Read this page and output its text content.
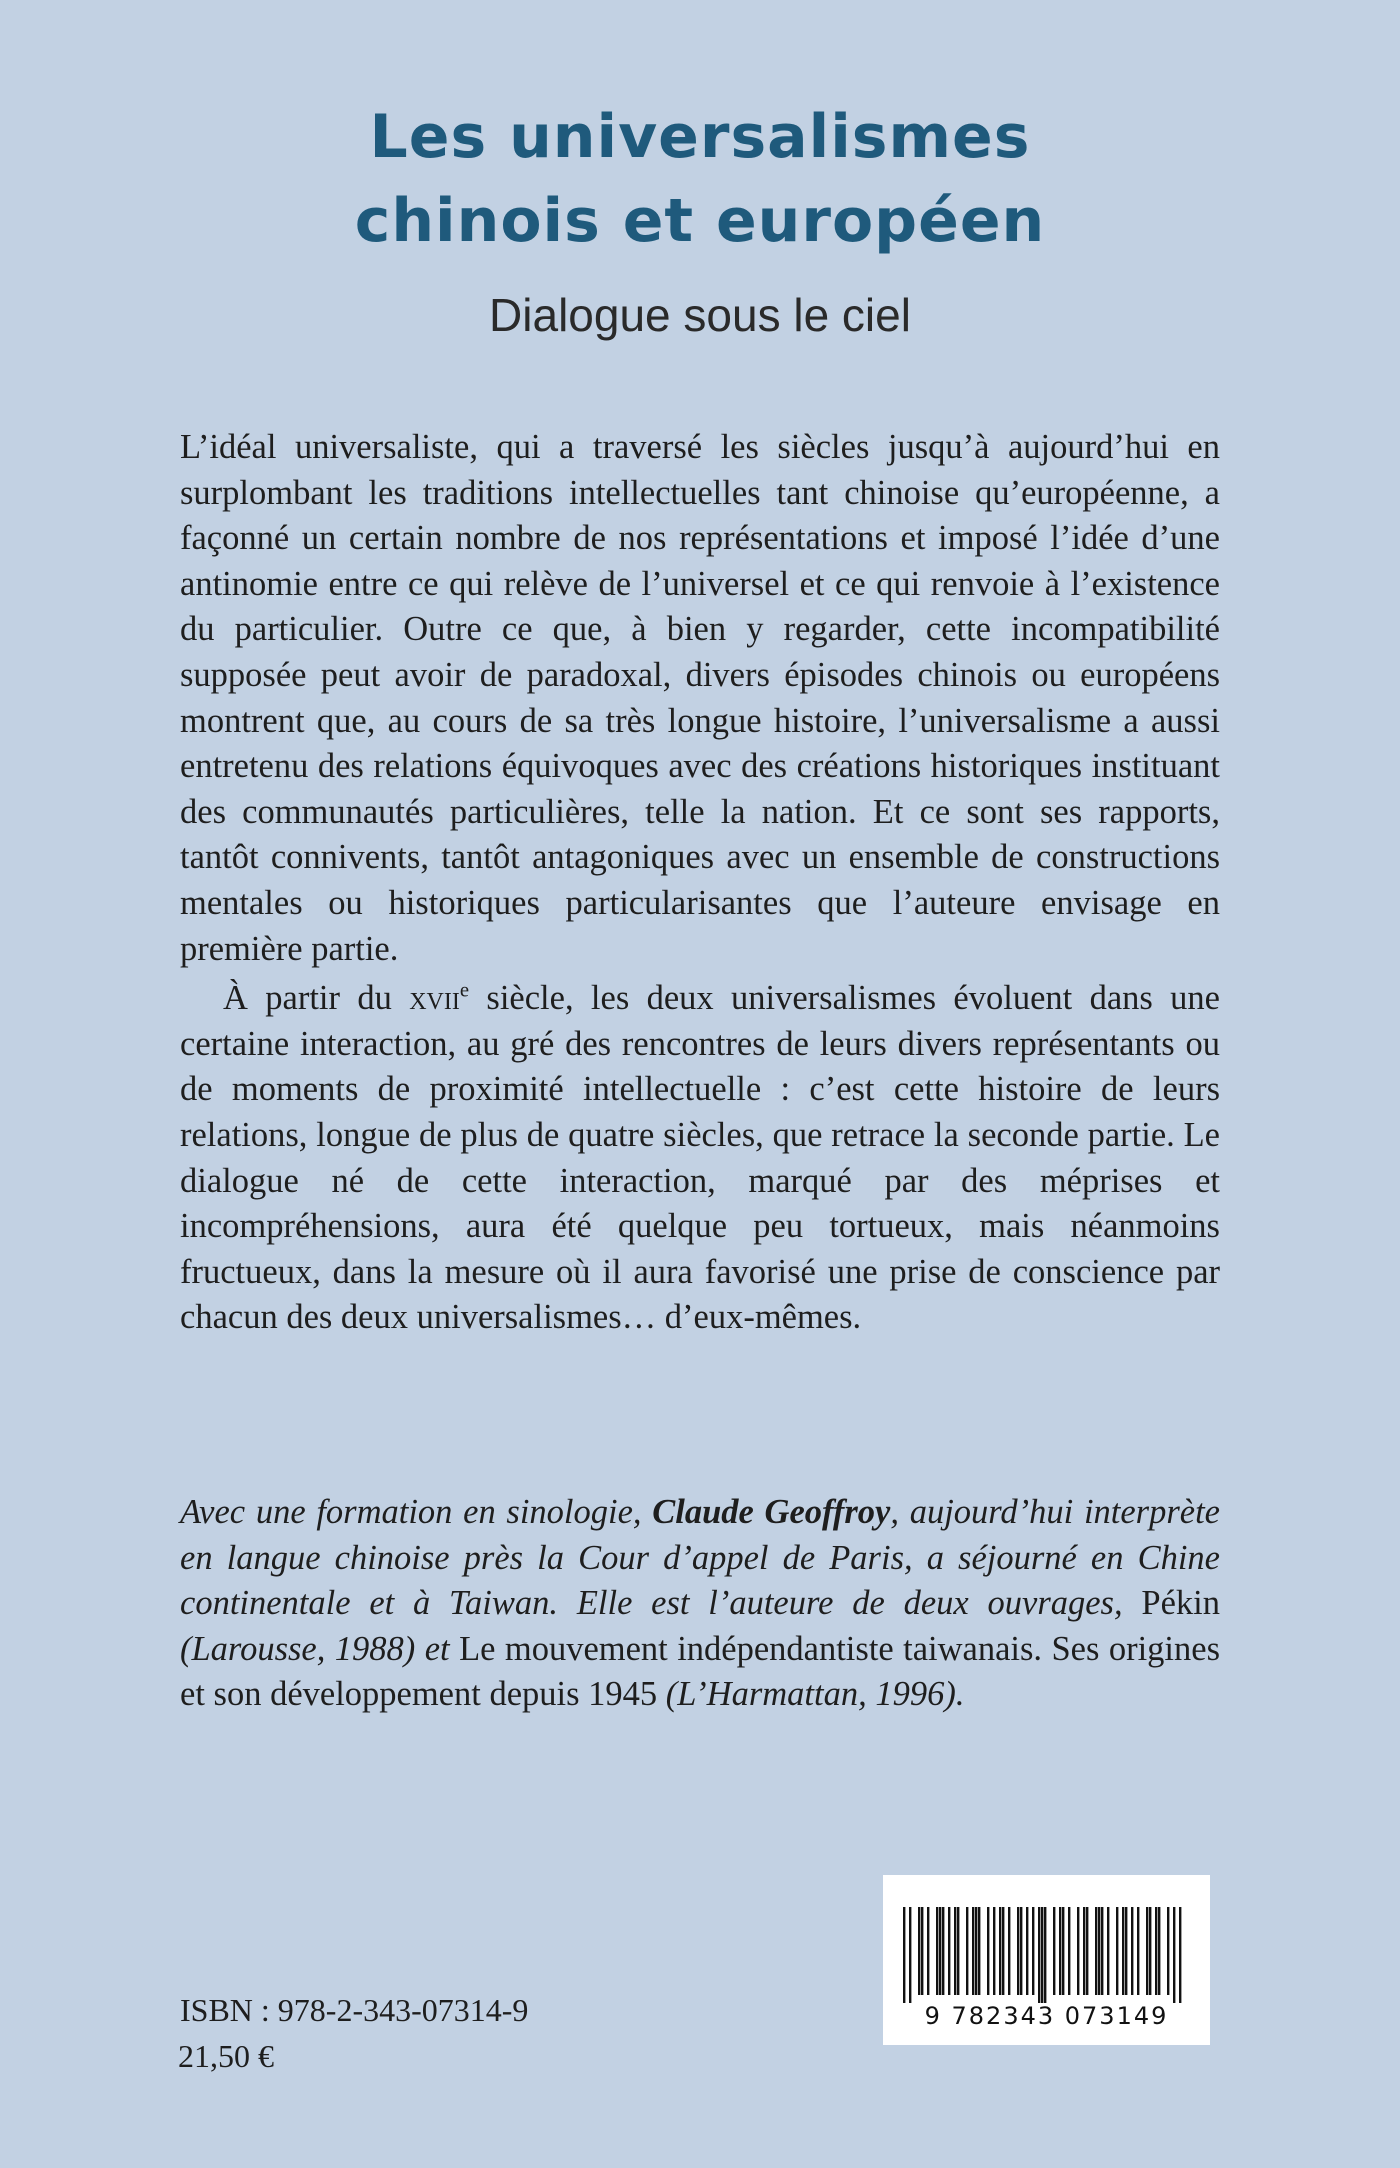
Les universalismes
chinois et européen
Dialogue sous le ciel

L’idéal universaliste, qui a traversé les siècles jusqu’à aujourd’hui en surplombant les traditions intellectuelles tant chinoise qu’européenne, a façonné un certain nombre de nos représentations et imposé l’idée d’une antinomie entre ce qui relève de l’universel et ce qui renvoie à l’existence du particulier. Outre ce que, à bien y regarder, cette incompatibilité supposée peut avoir de paradoxal, divers épisodes chinois ou européens montrent que, au cours de sa très longue histoire, l’universalisme a aussi entretenu des relations équivoques avec des créations historiques instituant des communautés particulières, telle la nation. Et ce sont ses rapports, tantôt connivents, tantôt antagoniques avec un ensemble de constructions mentales ou historiques particularisantes que l’auteure envisage en première partie.

À partir du xvii$^e$ siècle, les deux universalismes évoluent dans une certaine interaction, au gré des rencontres de leurs divers représentants ou de moments de proximité intellectuelle : c’est cette histoire de leurs relations, longue de plus de quatre siècles, que retrace la seconde partie. Le dialogue né de cette interaction, marqué par des méprises et incompréhensions, aura été quelque peu tortueux, mais néanmoins fructueux, dans la mesure où il aura favorisé une prise de conscience par chacun des deux universalismes… d’eux-mêmes.

Avec une formation en sinologie, Claude Geoffroy, aujourd’hui interprète en langue chinoise près la Cour d’appel de Paris, a séjourné en Chine continentale et à Taiwan. Elle est l’auteure de deux ouvrages, Pékin (Larousse, 1988) et Le mouvement indépendantiste taiwanais. Ses origines et son développement depuis 1945 (L’Harmattan, 1996).
ISBN : 978-2-343-07314-9
21,50 €
9 782343 073149
